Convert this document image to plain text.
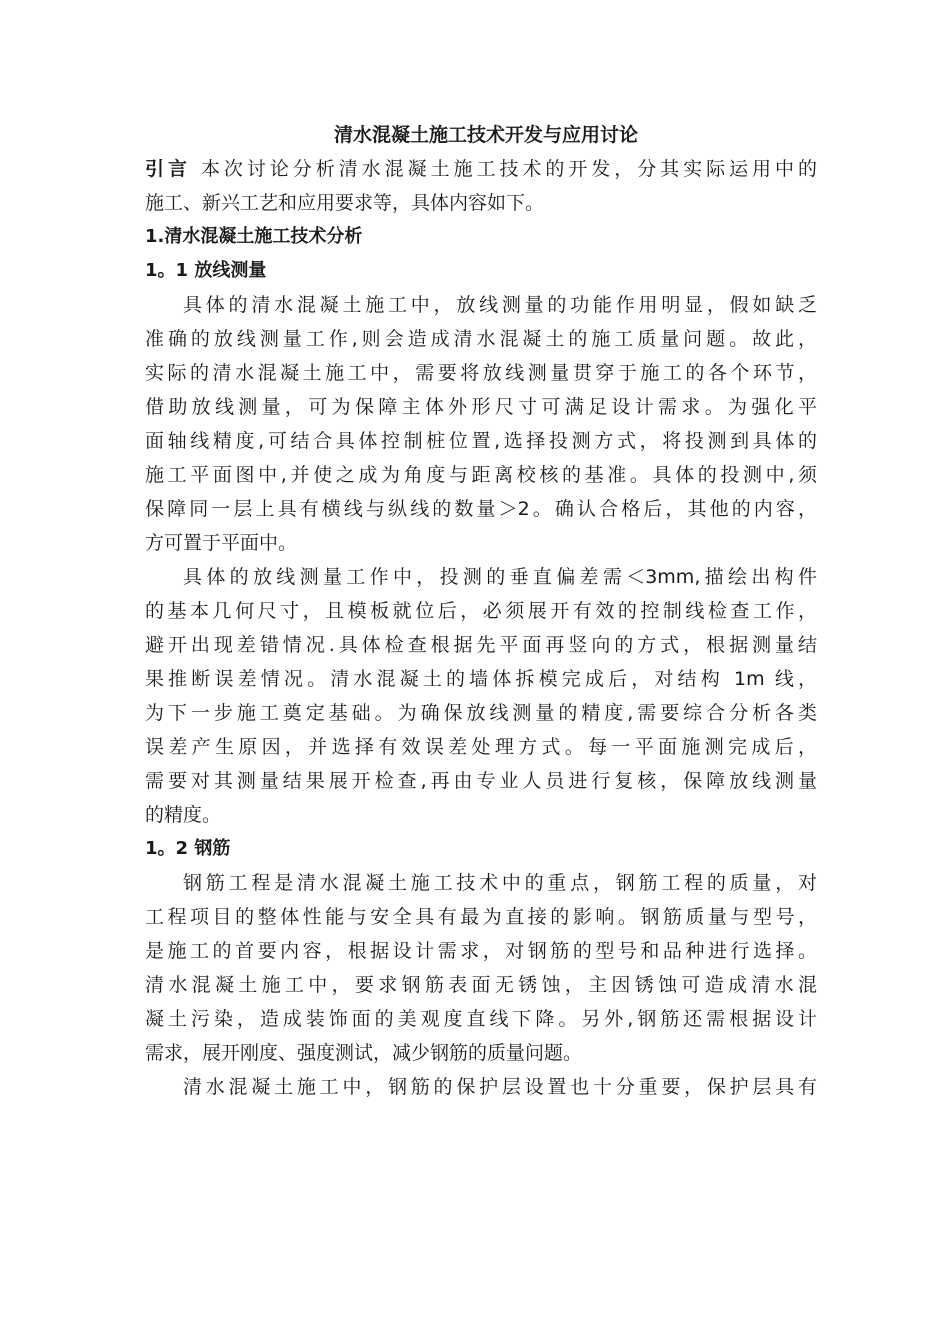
清水混凝土施工技术开发与应用讨论
引言 本次讨论分析清水混凝土施工技术的开发，分其实际运用中的
施工、新兴工艺和应用要求等，具体内容如下。
1.清水混凝土施工技术分析
1。1 放线测量
具体的清水混凝土施工中，放线测量的功能作用明显，假如缺乏
准确的放线测量工作,则会造成清水混凝土的施工质量问题。故此，
实际的清水混凝土施工中，需要将放线测量贯穿于施工的各个环节，
借助放线测量，可为保障主体外形尺寸可满足设计需求。为强化平
面轴线精度,可结合具体控制桩位置,选择投测方式，将投测到具体的
施工平面图中,并使之成为角度与距离校核的基准。具体的投测中,须
保障同一层上具有横线与纵线的数量＞2。确认合格后，其他的内容，
方可置于平面中。
具体的放线测量工作中，投测的垂直偏差需＜3mm,描绘出构件
的基本几何尺寸，且模板就位后，必须展开有效的控制线检查工作，
避开出现差错情况.具体检查根据先平面再竖向的方式，根据测量结
果推断误差情况。清水混凝土的墙体拆模完成后，对结构 1m 线，
为下一步施工奠定基础。为确保放线测量的精度,需要综合分析各类
误差产生原因，并选择有效误差处理方式。每一平面施测完成后，
需要对其测量结果展开检查,再由专业人员进行复核，保障放线测量
的精度。
1。2 钢筋
钢筋工程是清水混凝土施工技术中的重点，钢筋工程的质量，对
工程项目的整体性能与安全具有最为直接的影响。钢筋质量与型号，
是施工的首要内容，根据设计需求，对钢筋的型号和品种进行选择。
清水混凝土施工中，要求钢筋表面无锈蚀，主因锈蚀可造成清水混
凝土污染，造成装饰面的美观度直线下降。另外,钢筋还需根据设计
需求，展开刚度、强度测试，减少钢筋的质量问题。
清水混凝土施工中，钢筋的保护层设置也十分重要，保护层具有
